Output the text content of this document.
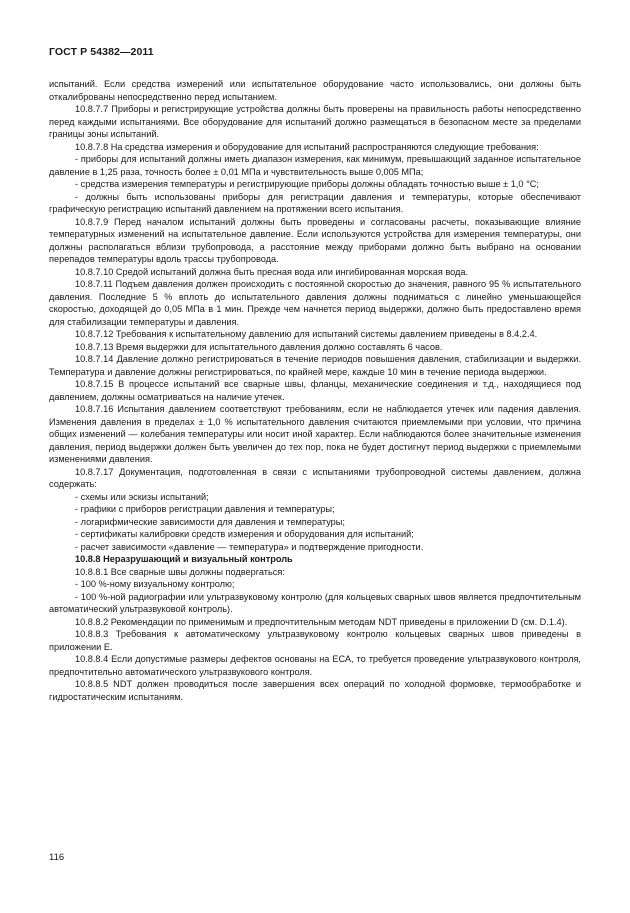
ГОСТ Р 54382—2011

испытаний. Если средства измерений или испытательное оборудование часто использовались, они должны быть откалиброваны непосредственно перед испытанием.

10.8.7.7 Приборы и регистрирующие устройства должны быть проверены на правильность работы непосредственно перед каждыми испытаниями. Все оборудование для испытаний должно размещаться в безопасном месте за пределами границы зоны испытаний.

10.8.7.8 На средства измерения и оборудование для испытаний распространяются следующие требования:

- приборы для испытаний должны иметь диапазон измерения, как минимум, превышающий заданное испытательное давление в 1,25 раза, точность более ± 0,01 МПа и чувствительность выше 0,005 МПа;

- средства измерения температуры и регистрирующие приборы должны обладать точностью выше ± 1,0 °С;

- должны быть использованы приборы для регистрации давления и температуры, которые обеспечивают графическую регистрацию испытаний давлением на протяжении всего испытания.

10.8.7.9 Перед началом испытаний должны быть проведены и согласованы расчеты, показывающие влияние температурных изменений на испытательное давление. Если используются устройства для измерения температуры, они должны располагаться вблизи трубопровода, а расстояние между приборами должно быть выбрано на основании перепадов температуры вдоль трассы трубопровода.

10.8.7.10 Средой испытаний должна быть пресная вода или ингибированная морская вода.

10.8.7.11 Подъем давления должен происходить с постоянной скоростью до значения, равного 95 % испытательного давления. Последние 5 % вплоть до испытательного давления должны подниматься с линейно уменьшающейся скоростью, доходящей до 0,05 МПа в 1 мин. Прежде чем начнется период выдержки, должно быть предоставлено время для стабилизации температуры и давления.

10.8.7.12 Требования к испытательному давлению для испытаний системы давлением приведены в 8.4.2.4.

10.8.7.13 Время выдержки для испытательного давления должно составлять 6 часов.

10.8.7.14 Давление должно регистрироваться в течение периодов повышения давления, стабилизации и выдержки. Температура и давление должны регистрироваться, по крайней мере, каждые 10 мин в течение периода выдержки.

10.8.7.15 В процессе испытаний все сварные швы, фланцы, механические соединения и т.д., находящиеся под давлением, должны осматриваться на наличие утечек.

10.8.7.16 Испытания давлением соответствуют требованиям, если не наблюдается утечек или падения давления. Изменения давления в пределах ± 1,0 % испытательного давления считаются приемлемыми при условии, что причина общих изменений — колебания температуры или носит иной характер. Если наблюдаются более значительные изменения давления, период выдержки должен быть увеличен до тех пор, пока не будет достигнут период выдержки с приемлемыми изменениями давления.

10.8.7.17 Документация, подготовленная в связи с испытаниями трубопроводной системы давлением, должна содержать:

- схемы или эскизы испытаний;

- графики с приборов регистрации давления и температуры;

- логарифмические зависимости для давления и температуры;

- сертификаты калибровки средств измерения и оборудования для испытаний;

- расчет зависимости «давление — температура» и подтверждение пригодности.

10.8.8 Неразрушающий и визуальный контроль

10.8.8.1 Все сварные швы должны подвергаться:

- 100 %-ному визуальному контролю;

- 100 %-ной радиографии или ультразвуковому контролю (для кольцевых сварных швов является предпочтительным автоматический ультразвуковой контроль).

10.8.8.2 Рекомендации по применимым и предпочтительным методам NDT приведены в приложении D (см. D.1.4).

10.8.8.3 Требования к автоматическому ультразвуковому контролю кольцевых сварных швов приведены в приложении Е.

10.8.8.4 Если допустимые размеры дефектов основаны на ЕСА, то требуется проведение ультразвукового контроля, предпочтительно автоматического ультразвукового контроля.

10.8.8.5 NDT должен проводиться после завершения всех операций по холодной формовке, термообработке и гидростатическим испытаниям.

116
